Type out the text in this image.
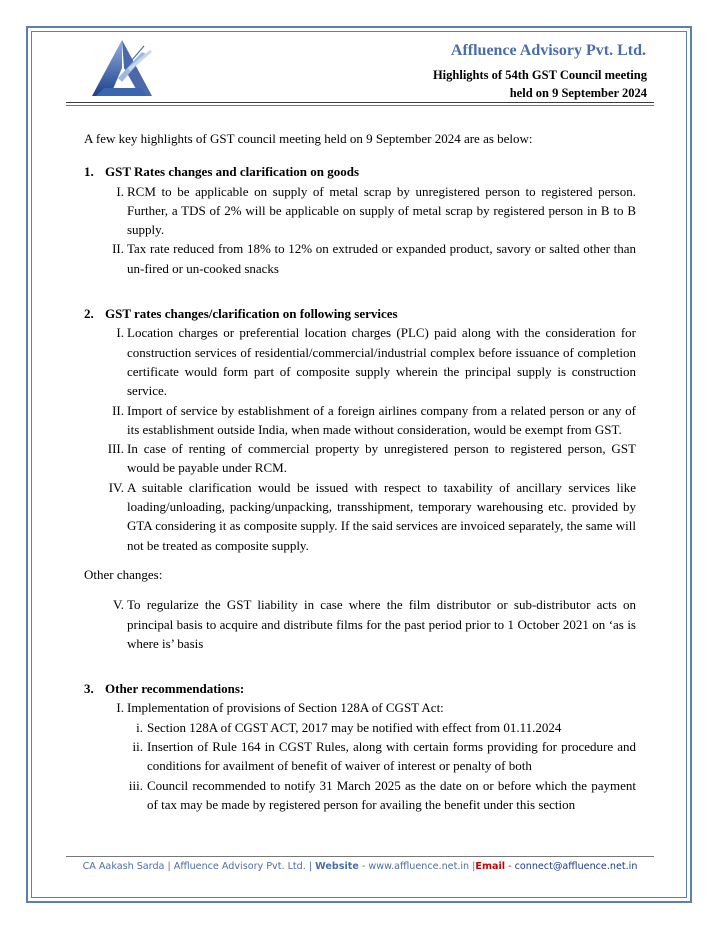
Affluence Advisory Pvt. Ltd.
Highlights of 54th GST Council meeting
held on 9 September 2024

A few key highlights of GST council meeting held on 9 September 2024 are as below:

1. GST Rates changes and clarification on goods
I. RCM to be applicable on supply of metal scrap by unregistered person to registered person. Further, a TDS of 2% will be applicable on supply of metal scrap by registered person in B to B supply.
II. Tax rate reduced from 18% to 12% on extruded or expanded product, savory or salted other than un-fired or un-cooked snacks
2. GST rates changes/clarification on following services
I. Location charges or preferential location charges (PLC) paid along with the consideration for construction services of residential/commercial/industrial complex before issuance of completion certificate would form part of composite supply wherein the principal supply is construction service.
II. Import of service by establishment of a foreign airlines company from a related person or any of its establishment outside India, when made without consideration, would be exempt from GST.
III. In case of renting of commercial property by unregistered person to registered person, GST would be payable under RCM.
IV. A suitable clarification would be issued with respect to taxability of ancillary services like loading/unloading, packing/unpacking, transshipment, temporary warehousing etc. provided by GTA considering it as composite supply. If the said services are invoiced separately, the same will not be treated as composite supply.
Other changes:
V. To regularize the GST liability in case where the film distributor or sub-distributor acts on principal basis to acquire and distribute films for the past period prior to 1 October 2021 on ‘as is where is’ basis
3. Other recommendations:
I. Implementation of provisions of Section 128A of CGST Act:
i. Section 128A of CGST ACT, 2017 may be notified with effect from 01.11.2024
ii. Insertion of Rule 164 in CGST Rules, along with certain forms providing for procedure and conditions for availment of benefit of waiver of interest or penalty of both
iii. Council recommended to notify 31 March 2025 as the date on or before which the payment of tax may be made by registered person for availing the benefit under this section
CA Aakash Sarda | Affluence Advisory Pvt. Ltd. | Website - www.affluence.net.in |Email - connect@affluence.net.in
